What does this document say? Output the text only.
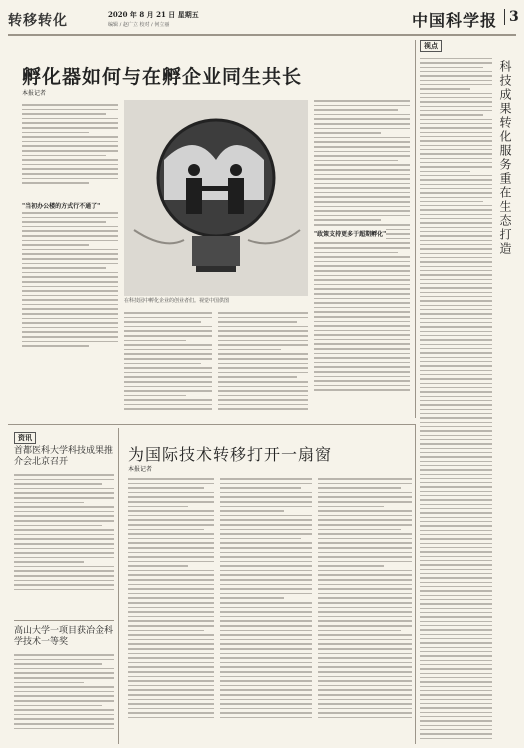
转移转化	2020 年 8 月 21 日 星期五
编辑 / 赵广立 校对 / 何立丽	中国科学报 3
孵化器如何与在孵企业同生共长
本报记者
"当初办公楼的方式行不通了"
在科技园中孵化企业的创业者们。视觉中国供图
"政策支持更多于超期孵化"
视点
科技成果转化服务重在生态打造
资讯
首都医科大学科技成果推介会北京召开
高山大学一项目获冶金科学技术一等奖
为国际技术转移打开一扇窗
本报记者
